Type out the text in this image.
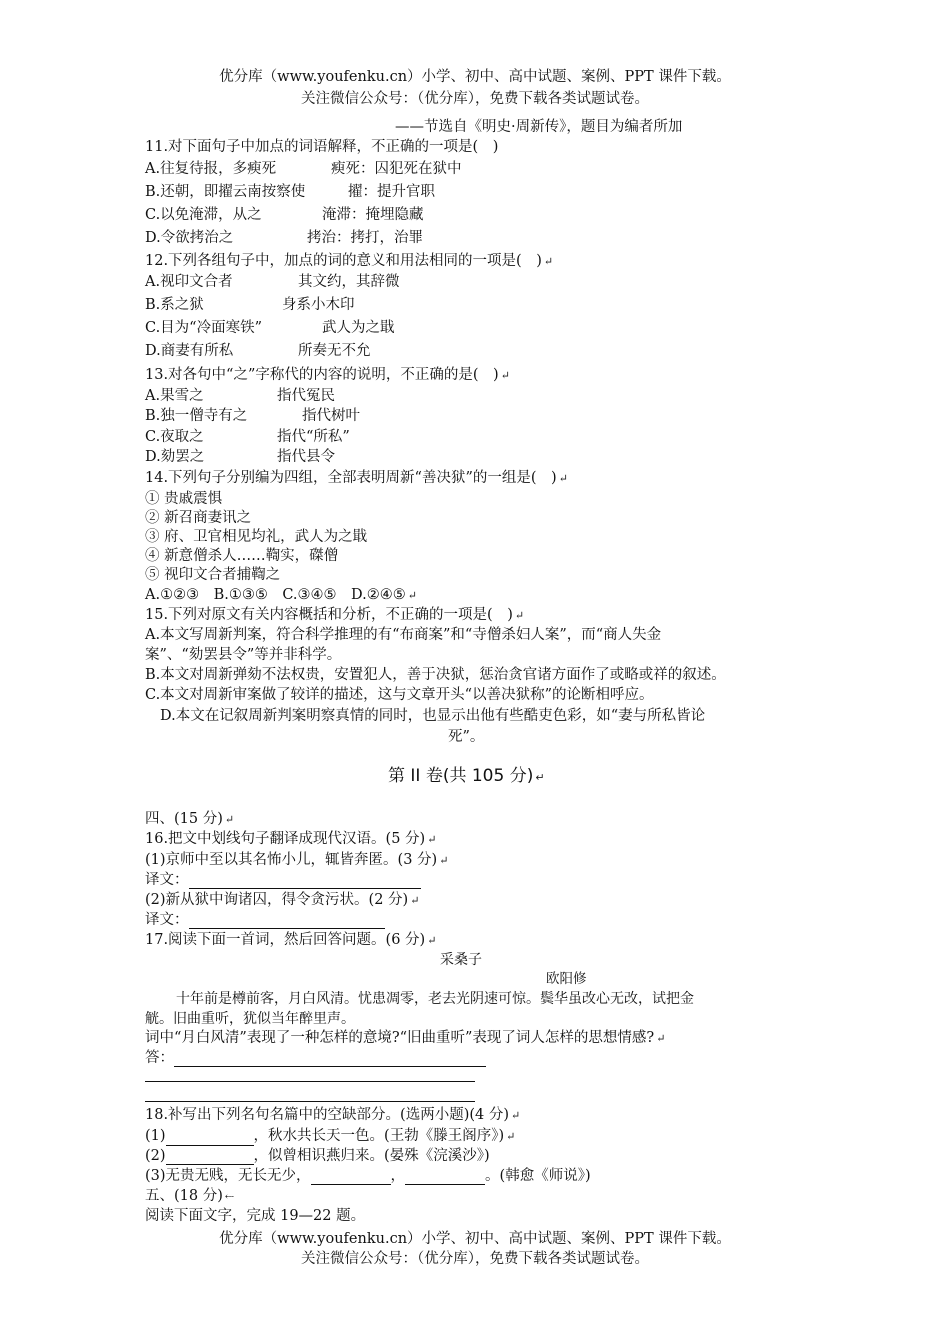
优分库（www.youfenku.cn）小学、初中、高中试题、案例、PPT 课件下载。
关注微信公众号：（优分库），免费下载各类试题试卷。
——节选自《明史·周新传》，题目为编者所加
11.对下面句子中加点的词语解释，不正确的一项是(　)
A.往复待报，多瘐死	瘐死：囚犯死在狱中
B.还朝，即擢云南按察使	擢：提升官职
C.以免淹滞，从之	淹滞：掩埋隐藏
D.令欲拷治之	拷治：拷打，治罪
12.下列各组句子中，加点的词的意义和用法相同的一项是(　) ↵
A.视印文合者	其文约，其辞微
B.系之狱	身系小木印
C.目为“冷面寒铁”	武人为之戢
D.商妻有所私	所奏无不允
13.对各句中“之”字称代的内容的说明，不正确的是(　) ↵
A.果雪之	指代冤民
B.独一僧寺有之	指代树叶
C.夜取之	指代“所私”
D.劾罢之	指代县令
14.下列句子分别编为四组，全部表明周新“善决狱”的一组是(　) ↵
① 贵戚震惧
② 新召商妻讯之
③ 府、卫官相见均礼，武人为之戢
④ 新意僧杀人……鞫实，磔僧
⑤ 视印文合者捕鞫之
A.①②③　B.①③⑤　C.③④⑤　D.②④⑤ ↵
15.下列对原文有关内容概括和分析，不正确的一项是(　) ↵
A.本文写周新判案，符合科学推理的有“布商案”和“寺僧杀妇人案”，而“商人失金
案”、“劾罢县令”等并非科学。
B.本文对周新弹劾不法权贵，安置犯人，善于决狱，惩治贪官诸方面作了或略或祥的叙述。
C.本文对周新审案做了较详的描述，这与文章开头“以善决狱称”的论断相呼应。
D.本文在记叙周新判案明察真情的同时，也显示出他有些酷吏色彩，如“妻与所私皆论
死”。
第 II 卷(共 105 分) ↵
四、(15 分) ↵
16.把文中划线句子翻译成现代汉语。(5 分) ↵
(1)京师中至以其名怖小儿，辄皆奔匿。(3 分) ↵
译文：
(2)新从狱中询诸囚，得令贪污状。(2 分) ↵
译文：
17.阅读下面一首词，然后回答问题。(6 分) ↵
采桑子
欧阳修
十年前是樽前客，月白风清。忧患凋零，老去光阴速可惊。鬓华虽改心无改，试把金
觥。旧曲重听，犹似当年醉里声。
词中“月白风清”表现了一种怎样的意境?“旧曲重听”表现了词人怎样的思想情感? ↵
答：
18.补写出下列名句名篇中的空缺部分。(选两小题)(4 分) ↵
(1)	，秋水共长天一色。(王勃《滕王阁序》) ↵
(2)	，似曾相识燕归来。(晏殊《浣溪沙》)
(3)无贵无贱，无长无少，	，	。(韩愈《师说》)
五、(18 分) ⇠
阅读下面文字，完成 19—22 题。
优分库（www.youfenku.cn）小学、初中、高中试题、案例、PPT 课件下载。
关注微信公众号：（优分库），免费下载各类试题试卷。
